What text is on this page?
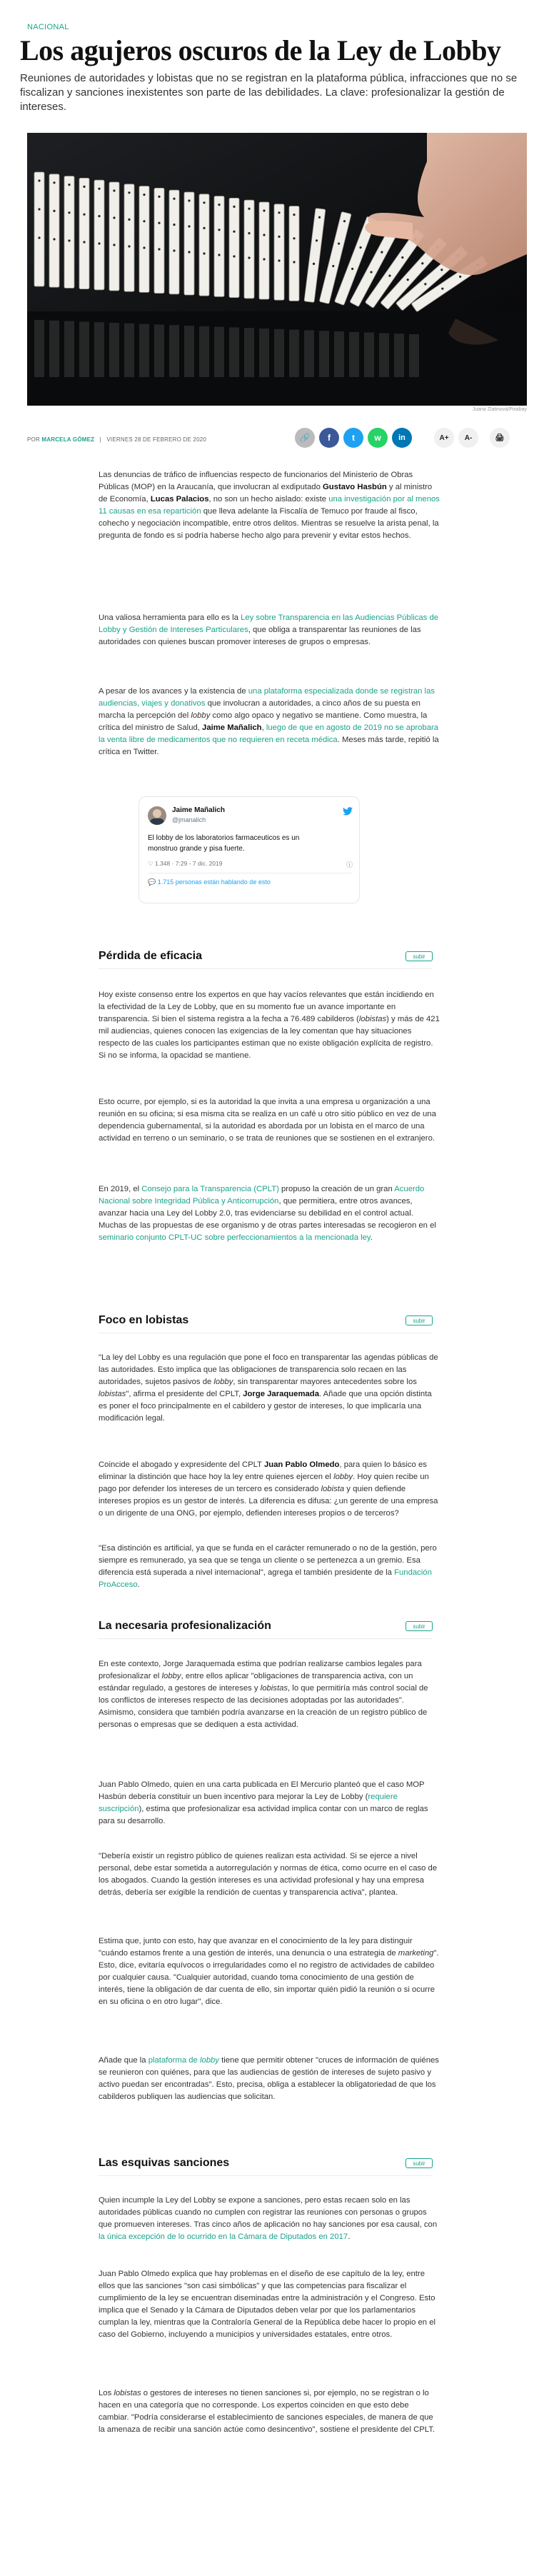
NACIONAL
Los agujeros oscuros de la Ley de Lobby

Reuniones de autoridades y lobistas que no se registran en la plataforma pública, infracciones que no se fiscalizan y sanciones inexistentes son parte de las debilidades. La clave: profesionalizar la gestión de intereses.

Juana Zlatinová/Pixabay
POR MARCELA GÓMEZ | VIERNES 28 DE FEBRERO DE 2020	🔗 f	t w in	A+ A-	🖨

Las denuncias de tráfico de influencias respecto de funcionarios del Ministerio de Obras Públicas (MOP) en la Araucanía, que involucran al exdiputado Gustavo Hasbún y al ministro de Economía, Lucas Palacios, no son un hecho aislado: existe una investigación por al menos 11 causas en esa repartición que lleva adelante la Fiscalía de Temuco por fraude al fisco, cohecho y negociación incompatible, entre otros delitos. Mientras se resuelve la arista penal, la pregunta de fondo es si podría haberse hecho algo para prevenir y evitar estos hechos.

Una valiosa herramienta para ello es la Ley sobre Transparencia en las Audiencias Públicas de Lobby y Gestión de Intereses Particulares, que obliga a transparentar las reuniones de las autoridades con quienes buscan promover intereses de grupos o empresas.

A pesar de los avances y la existencia de una plataforma especializada donde se registran las audiencias, viajes y donativos que involucran a autoridades, a cinco años de su puesta en marcha la percepción del lobby como algo opaco y negativo se mantiene. Como muestra, la crítica del ministro de Salud, Jaime Mañalich, luego de que en agosto de 2019 no se aprobara la venta libre de medicamentos que no requieren en receta médica. Meses más tarde, repitió la crítica en Twitter.

Jaime Mañalich
@jmanalich
El lobby de los laboratorios farmaceuticos es un monstruo grande y pisa fuerte.
♡ 1.348 · 7:29 - 7 dic. 2019	ⓘ
💬 1.715 personas están hablando de esto
Pérdida de eficacia	subir

Hoy existe consenso entre los expertos en que hay vacíos relevantes que están incidiendo en la efectividad de la Ley de Lobby, que en su momento fue un avance importante en transparencia. Si bien el sistema registra a la fecha a 76.489 cabilderos (lobistas) y más de 421 mil audiencias, quienes conocen las exigencias de la ley comentan que hay situaciones respecto de las cuales los participantes estiman que no existe obligación explícita de registro. Si no se informa, la opacidad se mantiene.

Esto ocurre, por ejemplo, si es la autoridad la que invita a una empresa u organización a una reunión en su oficina; si esa misma cita se realiza en un café u otro sitio público en vez de una dependencia gubernamental, si la autoridad es abordada por un lobista en el marco de una actividad en terreno o un seminario, o se trata de reuniones que se sostienen en el extranjero.

En 2019, el Consejo para la Transparencia (CPLT) propuso la creación de un gran Acuerdo Nacional sobre Integridad Pública y Anticorrupción, que permitiera, entre otros avances, avanzar hacia una Ley del Lobby 2.0, tras evidenciarse su debilidad en el control actual. Muchas de las propuestas de ese organismo y de otras partes interesadas se recogieron en el seminario conjunto CPLT-UC sobre perfeccionamientos a la mencionada ley.

Foco en lobistas	subir

"La ley del Lobby es una regulación que pone el foco en transparentar las agendas públicas de las autoridades. Esto implica que las obligaciones de transparencia solo recaen en las autoridades, sujetos pasivos de lobby, sin transparentar mayores antecedentes sobre los lobistas", afirma el presidente del CPLT, Jorge Jaraquemada. Añade que una opción distinta es poner el foco principalmente en el cabildero y gestor de intereses, lo que implicaría una modificación legal.

Coincide el abogado y expresidente del CPLT Juan Pablo Olmedo, para quien lo básico es eliminar la distinción que hace hoy la ley entre quienes ejercen el lobby. Hoy quien recibe un pago por defender los intereses de un tercero es considerado lobista y quien defiende intereses propios es un gestor de interés. La diferencia es difusa: ¿un gerente de una empresa o un dirigente de una ONG, por ejemplo, defienden intereses propios o de terceros?

"Esa distinción es artificial, ya que se funda en el carácter remunerado o no de la gestión, pero siempre es remunerado, ya sea que se tenga un cliente o se pertenezca a un gremio. Esa diferencia está superada a nivel internacional", agrega el también presidente de la Fundación ProAcceso.

La necesaria profesionalización	subir

En este contexto, Jorge Jaraquemada estima que podrían realizarse cambios legales para profesionalizar el lobby, entre ellos aplicar "obligaciones de transparencia activa, con un estándar regulado, a gestores de intereses y lobistas, lo que permitiría más control social de los conflictos de intereses respecto de las decisiones adoptadas por las autoridades". Asimismo, considera que también podría avanzarse en la creación de un registro público de personas o empresas que se dediquen a esta actividad.

Juan Pablo Olmedo, quien en una carta publicada en El Mercurio planteó que el caso MOP Hasbún debería constituir un buen incentivo para mejorar la Ley de Lobby (requiere suscripción), estima que profesionalizar esa actividad implica contar con un marco de reglas para su desarrollo.

"Debería existir un registro público de quienes realizan esta actividad. Si se ejerce a nivel personal, debe estar sometida a autorregulación y normas de ética, como ocurre en el caso de los abogados. Cuando la gestión intereses es una actividad profesional y hay una empresa detrás, debería ser exigible la rendición de cuentas y transparencia activa", plantea.

Estima que, junto con esto, hay que avanzar en el conocimiento de la ley para distinguir "cuándo estamos frente a una gestión de interés, una denuncia o una estrategia de marketing". Esto, dice, evitaría equívocos o irregularidades como el no registro de actividades de cabildeo por cualquier causa. "Cualquier autoridad, cuando toma conocimiento de una gestión de interés, tiene la obligación de dar cuenta de ello, sin importar quién pidió la reunión o si ocurre en su oficina o en otro lugar", dice.

Añade que la plataforma de lobby tiene que permitir obtener "cruces de información de quiénes se reunieron con quiénes, para que las audiencias de gestión de intereses de sujeto pasivo y activo puedan ser encontradas". Esto, precisa, obliga a establecer la obligatoriedad de que los cabilderos publiquen las audiencias que solicitan.

Las esquivas sanciones	subir

Quien incumple la Ley del Lobby se expone a sanciones, pero estas recaen solo en las autoridades públicas cuando no cumplen con registrar las reuniones con personas o grupos que promueven intereses. Tras cinco años de aplicación no hay sanciones por esa causal, con la única excepción de lo ocurrido en la Cámara de Diputados en 2017.

Juan Pablo Olmedo explica que hay problemas en el diseño de ese capítulo de la ley, entre ellos que las sanciones "son casi simbólicas" y que las competencias para fiscalizar el cumplimiento de la ley se encuentran diseminadas entre la administración y el Congreso. Esto implica que el Senado y la Cámara de Diputados deben velar por que los parlamentarios cumplan la ley, mientras que la Contraloría General de la República debe hacer lo propio en el caso del Gobierno, incluyendo a municipios y universidades estatales, entre otros.

Los lobistas o gestores de intereses no tienen sanciones si, por ejemplo, no se registran o lo hacen en una categoría que no corresponde. Los expertos coinciden en que esto debe cambiar. "Podría considerarse el establecimiento de sanciones especiales, de manera de que la amenaza de recibir una sanción actúe como desincentivo", sostiene el presidente del CPLT.
